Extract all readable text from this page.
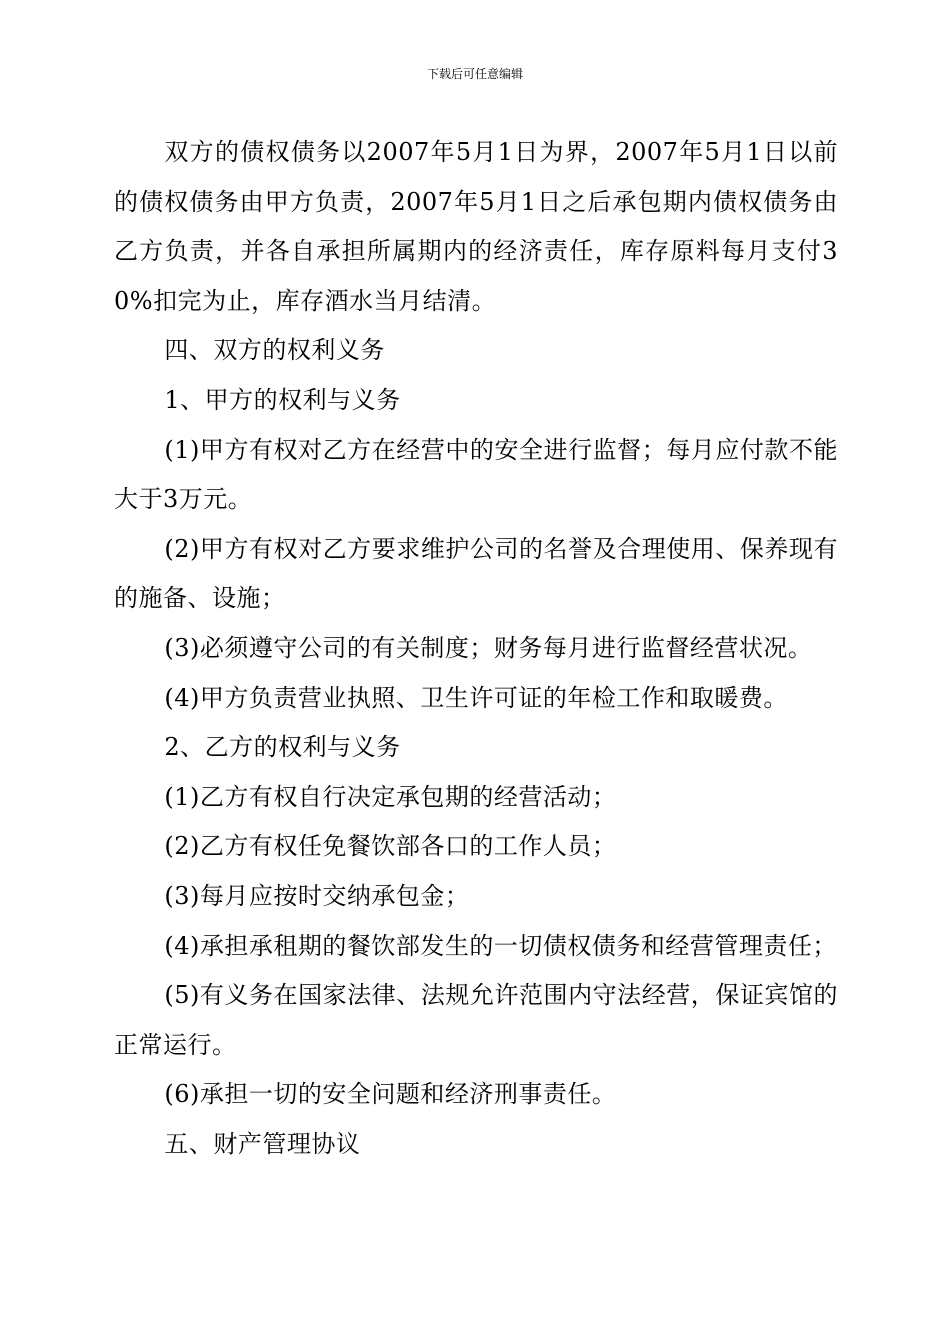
下载后可任意编辑

双方的债权债务以2007年5月1日为界，2007年5月1日以前的债权债务由甲方负责，2007年5月1日之后承包期内债权债务由乙方负责，并各自承担所属期内的经济责任，库存原料每月支付30%扣完为止，库存酒水当月结清。

四、双方的权利义务

1、甲方的权利与义务

(1)甲方有权对乙方在经营中的安全进行监督；每月应付款不能大于3万元。

(2)甲方有权对乙方要求维护公司的名誉及合理使用、保养现有的施备、设施；

(3)必须遵守公司的有关制度；财务每月进行监督经营状况。

(4)甲方负责营业执照、卫生许可证的年检工作和取暖费。

2、乙方的权利与义务

(1)乙方有权自行决定承包期的经营活动；

(2)乙方有权任免餐饮部各口的工作人员；

(3)每月应按时交纳承包金；

(4)承担承租期的餐饮部发生的一切债权债务和经营管理责任；

(5)有义务在国家法律、法规允许范围内守法经营，保证宾馆的正常运行。

(6)承担一切的安全问题和经济刑事责任。

五、财产管理协议
